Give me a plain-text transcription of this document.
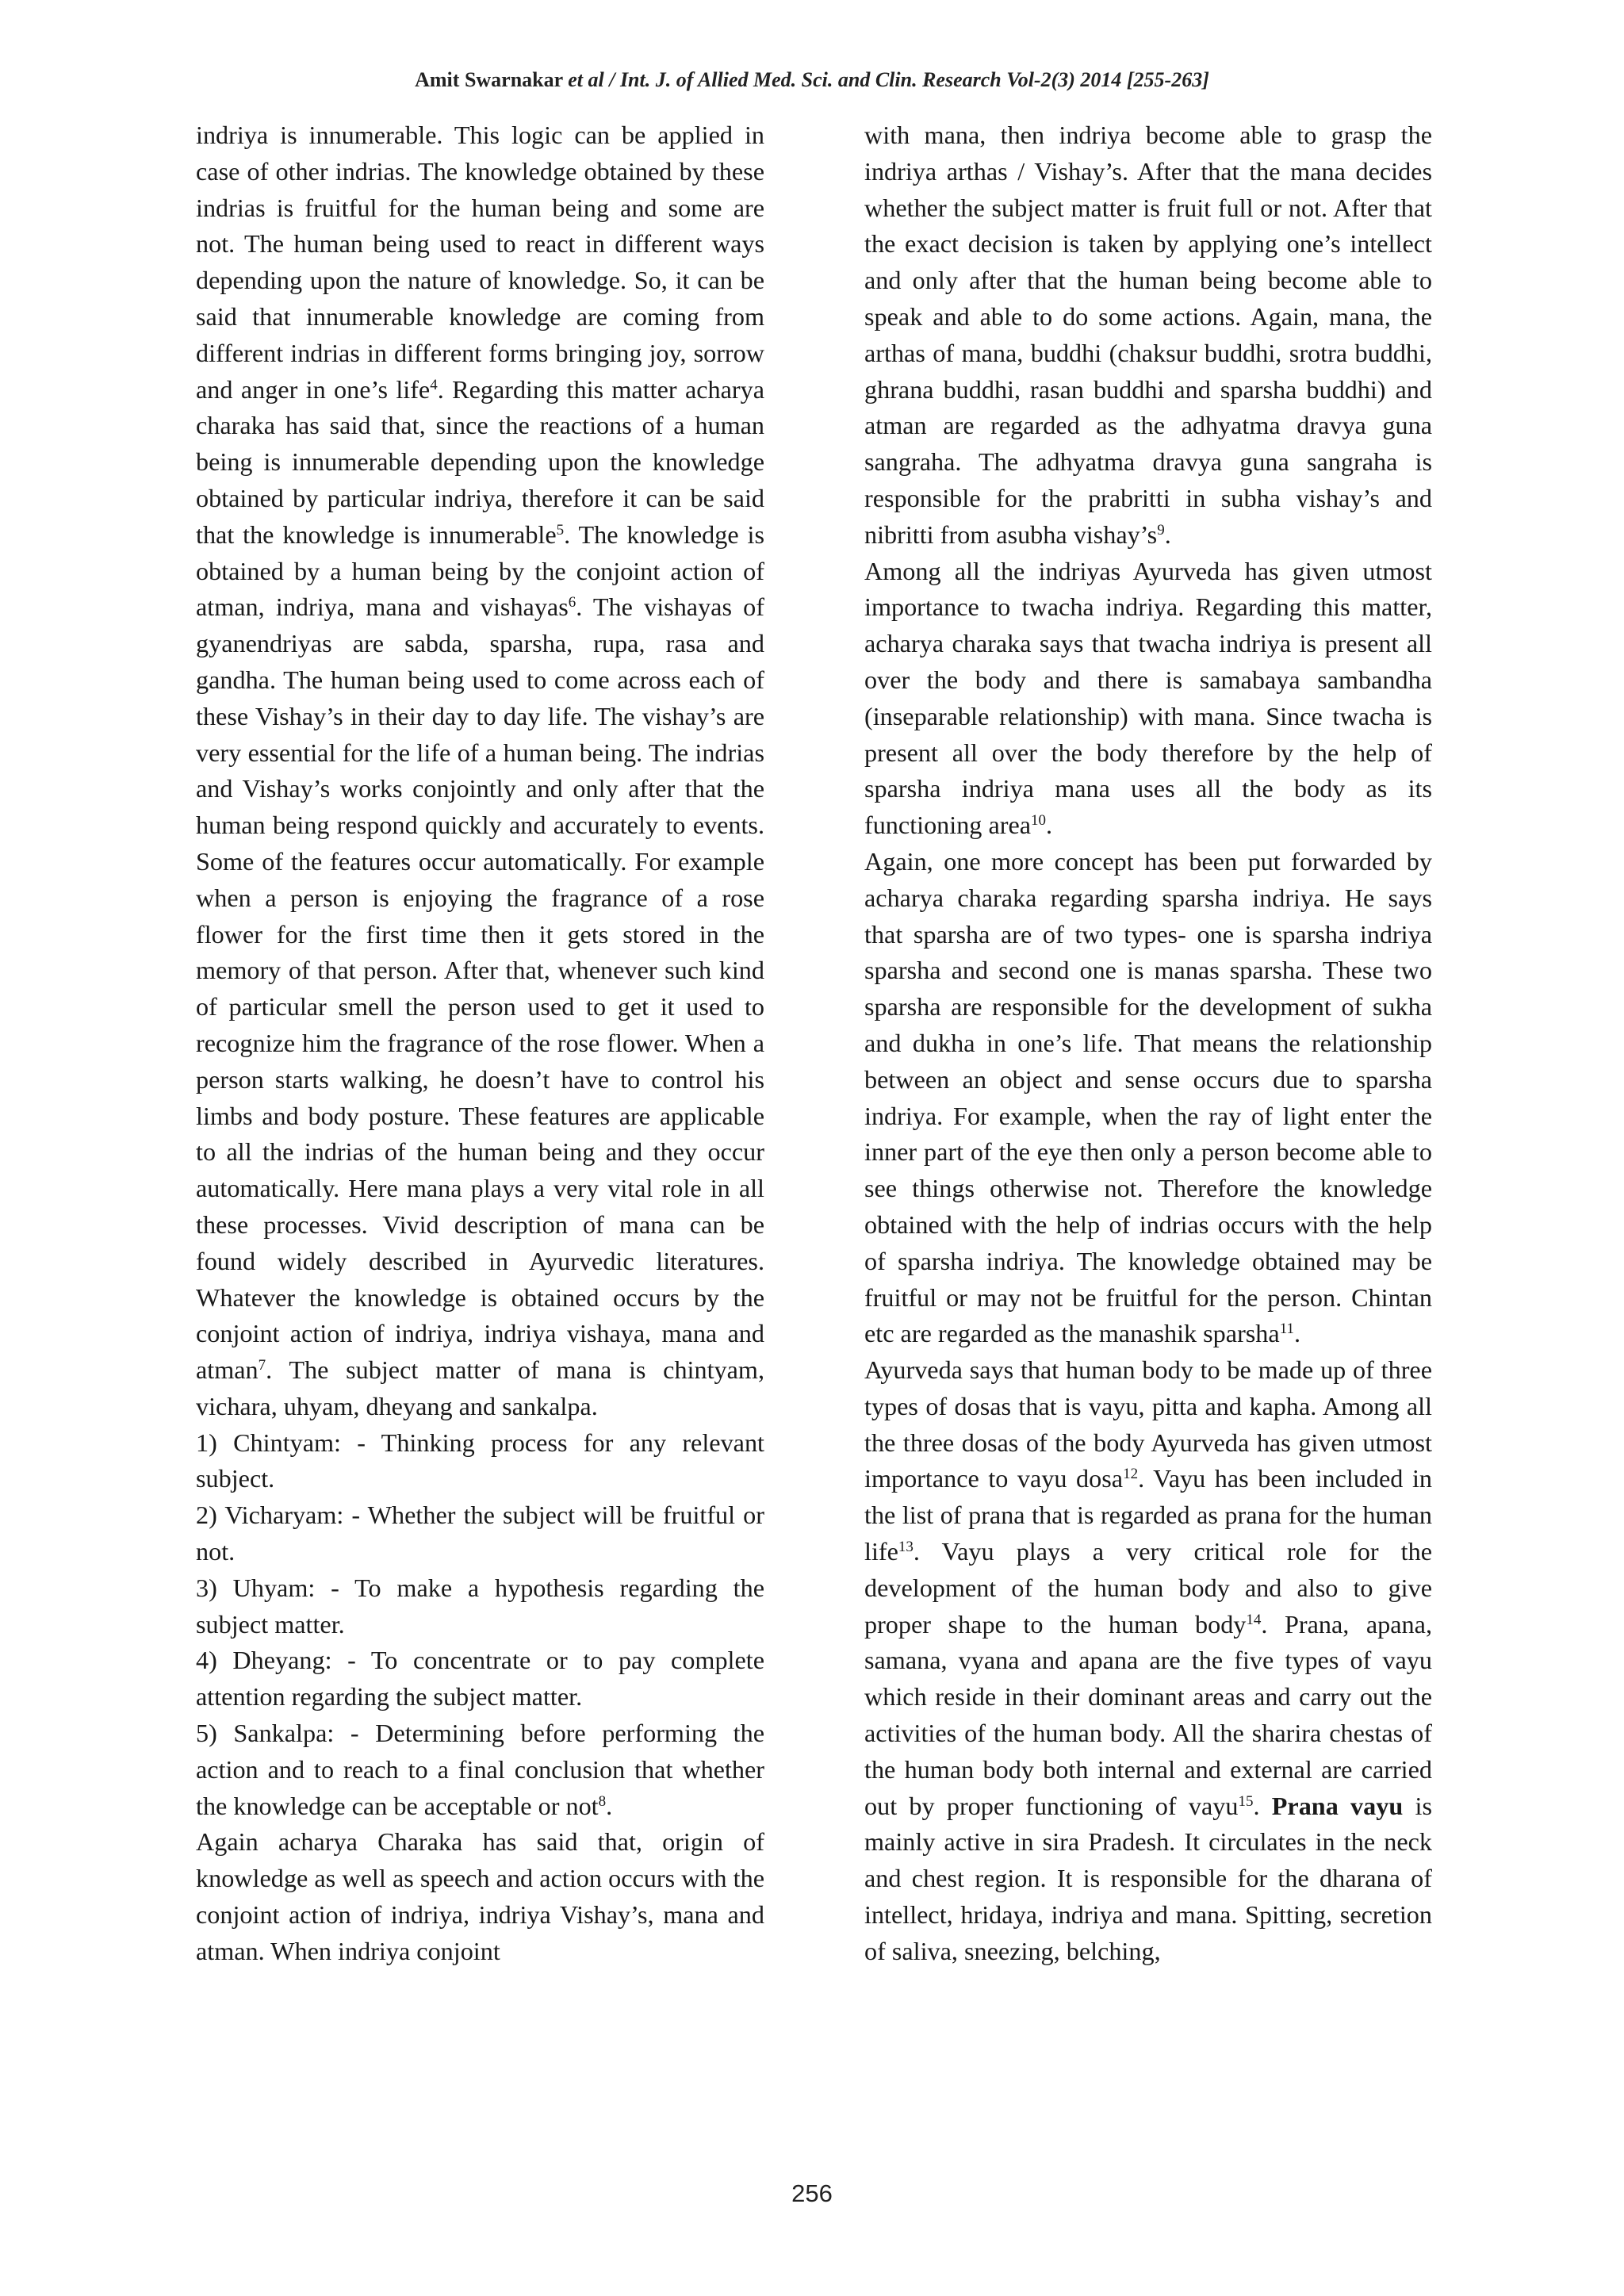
Amit Swarnakar et al / Int. J. of Allied Med. Sci. and Clin. Research Vol-2(3) 2014 [255-263]

indriya is innumerable. This logic can be applied in case of other indrias. The knowledge obtained by these indrias is fruitful for the human being and some are not. The human being used to react in different ways depending upon the nature of knowledge. So, it can be said that innumerable knowledge are coming from different indrias in different forms bringing joy, sorrow and anger in one’s life$^4$. Regarding this matter acharya charaka has said that, since the reactions of a human being is innumerable depending upon the knowledge obtained by particular indriya, therefore it can be said that the knowledge is innumerable$^5$. The knowledge is obtained by a human being by the conjoint action of atman, indriya, mana and vishayas$^6$. The vishayas of gyanendriyas are sabda, sparsha, rupa, rasa and gandha. The human being used to come across each of these Vishay’s in their day to day life. The vishay’s are very essential for the life of a human being. The indrias and Vishay’s works conjointly and only after that the human being respond quickly and accurately to events. Some of the features occur automatically. For example when a person is enjoying the fragrance of a rose flower for the first time then it gets stored in the memory of that person. After that, whenever such kind of particular smell the person used to get it used to recognize him the fragrance of the rose flower. When a person starts walking, he doesn’t have to control his limbs and body posture. These features are applicable to all the indrias of the human being and they occur automatically. Here mana plays a very vital role in all these processes. Vivid description of mana can be found widely described in Ayurvedic literatures. Whatever the knowledge is obtained occurs by the conjoint action of indriya, indriya vishaya, mana and atman$^7$. The subject matter of mana is chintyam, vichara, uhyam, dheyang and sankalpa.

1) Chintyam: - Thinking process for any relevant subject.

2) Vicharyam: - Whether the subject will be fruitful or not.

3) Uhyam: - To make a hypothesis regarding the subject matter.

4) Dheyang: - To concentrate or to pay complete attention regarding the subject matter.

5) Sankalpa: - Determining before performing the action and to reach to a final conclusion that whether the knowledge can be acceptable or not$^8$.

Again acharya Charaka has said that, origin of knowledge as well as speech and action occurs with the conjoint action of indriya, indriya Vishay’s, mana and atman. When indriya conjoint

with mana, then indriya become able to grasp the indriya arthas / Vishay’s. After that the mana decides whether the subject matter is fruit full or not. After that the exact decision is taken by applying one’s intellect and only after that the human being become able to speak and able to do some actions. Again, mana, the arthas of mana, buddhi (chaksur buddhi, srotra buddhi, ghrana buddhi, rasan buddhi and sparsha buddhi) and atman are regarded as the adhyatma dravya guna sangraha. The adhyatma dravya guna sangraha is responsible for the prabritti in subha vishay’s and nibritti from asubha $vishay’s^9$.

Among all the indriyas Ayurveda has given utmost importance to twacha indriya. Regarding this matter, acharya charaka says that twacha indriya is present all over the body and there is samabaya sambandha (inseparable relationship) with mana. Since twacha is present all over the body therefore by the help of sparsha indriya mana uses all the body as its functioning area$^{10}$.

Again, one more concept has been put forwarded by acharya charaka regarding sparsha indriya. He says that sparsha are of two types- one is sparsha indriya sparsha and second one is manas sparsha. These two sparsha are responsible for the development of sukha and dukha in one’s life. That means the relationship between an object and sense occurs due to sparsha indriya. For example, when the ray of light enter the inner part of the eye then only a person become able to see things otherwise not. Therefore the knowledge obtained with the help of indrias occurs with the help of sparsha indriya. The knowledge obtained may be fruitful or may not be fruitful for the person. Chintan etc are regarded as the manashik sparsha$^{11}$.

Ayurveda says that human body to be made up of three types of dosas that is vayu, pitta and kapha. Among all the three dosas of the body Ayurveda has given utmost importance to vayu dosa$^{12}$. Vayu has been included in the list of prana that is regarded as prana for the human life$^{13}$. Vayu plays a very critical role for the development of the human body and also to give proper shape to the human body$^{14}$. Prana, apana, samana, vyana and apana are the five types of vayu which reside in their dominant areas and carry out the activities of the human body. All the sharira chestas of the human body both internal and external are carried out by proper functioning of vayu$^{15}$. Prana vayu is mainly active in sira Pradesh. It circulates in the neck and chest region. It is responsible for the dharana of intellect, hridaya, indriya and mana. Spitting, secretion of saliva, sneezing, belching,

256
